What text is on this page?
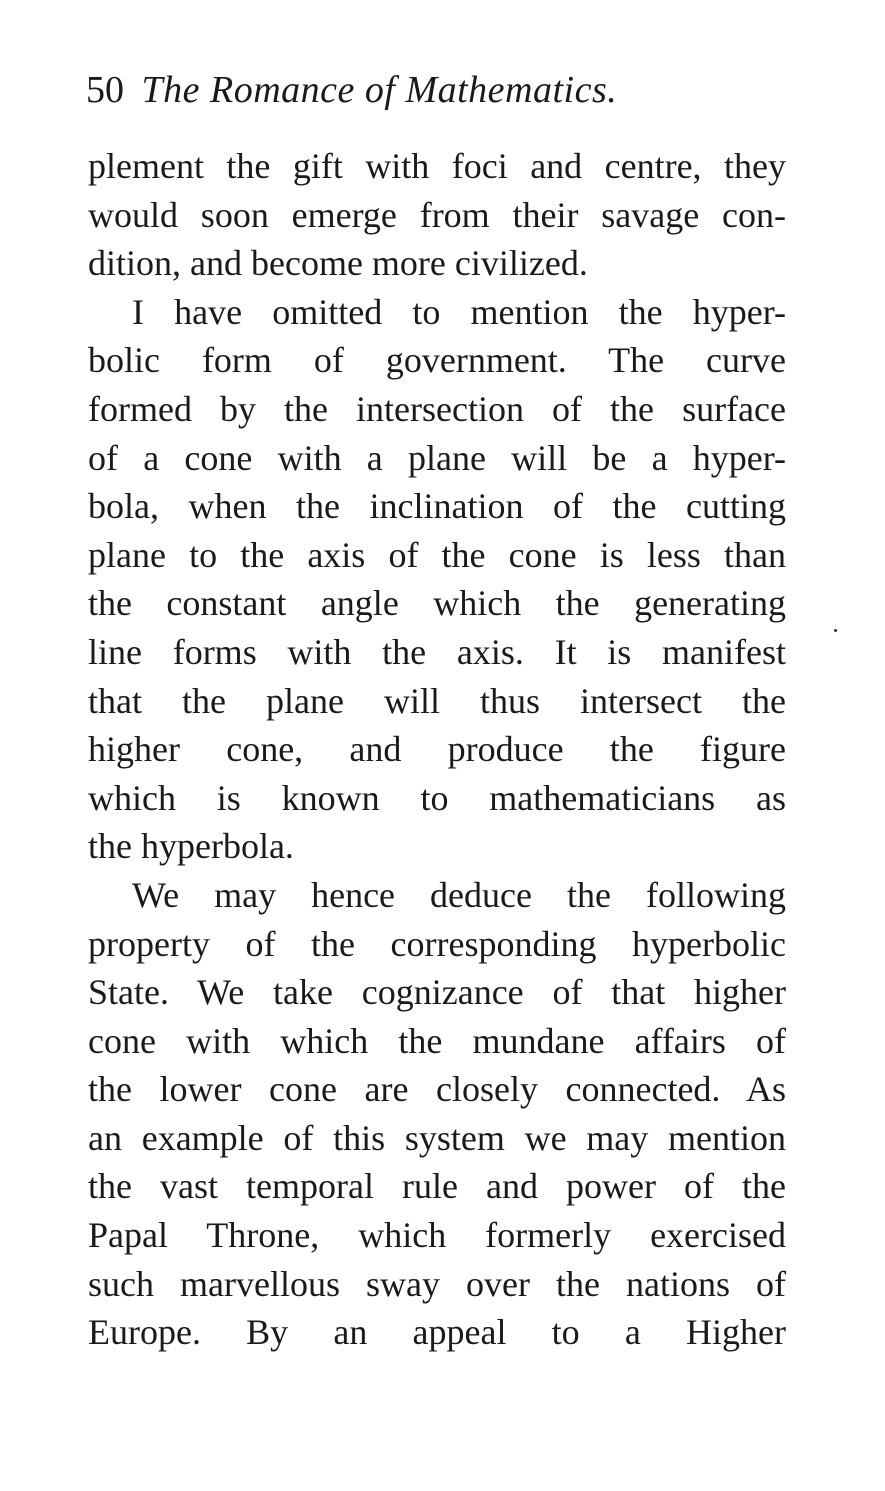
50 The Romance of Mathematics.
plement the gift with foci and centre, they
would soon emerge from their savage con-
dition, and become more civilized.
I have omitted to mention the hyper-
bolic form of government. The curve
formed by the intersection of the surface
of a cone with a plane will be a hyper-
bola, when the inclination of the cutting
plane to the axis of the cone is less than
the constant angle which the generating
line forms with the axis. It is manifest
that the plane will thus intersect the
higher cone, and produce the figure
which is known to mathematicians as
the hyperbola.
We may hence deduce the following
property of the corresponding hyperbolic
State. We take cognizance of that higher
cone with which the mundane affairs of
the lower cone are closely connected. As
an example of this system we may mention
the vast temporal rule and power of the
Papal Throne, which formerly exercised
such marvellous sway over the nations of
Europe. By an appeal to a Higher
